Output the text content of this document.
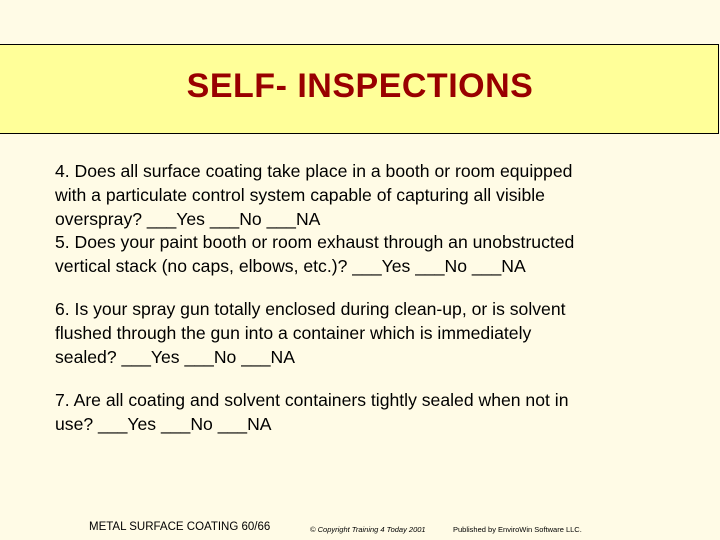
SELF- INSPECTIONS
4. Does all surface coating take place in a booth or room equipped
with a particulate control system capable of capturing all visible
overspray? ___Yes ___No ___NA
5. Does your paint booth or room exhaust through an unobstructed
vertical stack (no caps, elbows, etc.)? ___Yes ___No ___NA
6. Is your spray gun totally enclosed during clean-up, or is solvent
flushed through the gun into a container which is immediately
sealed? ___Yes ___No ___NA
7. Are all coating and solvent containers tightly sealed when not in
use? ___Yes ___No ___NA
METAL SURFACE COATING 60/66	© Copyright Training 4 Today 2001	Published by EnviroWin Software LLC.
